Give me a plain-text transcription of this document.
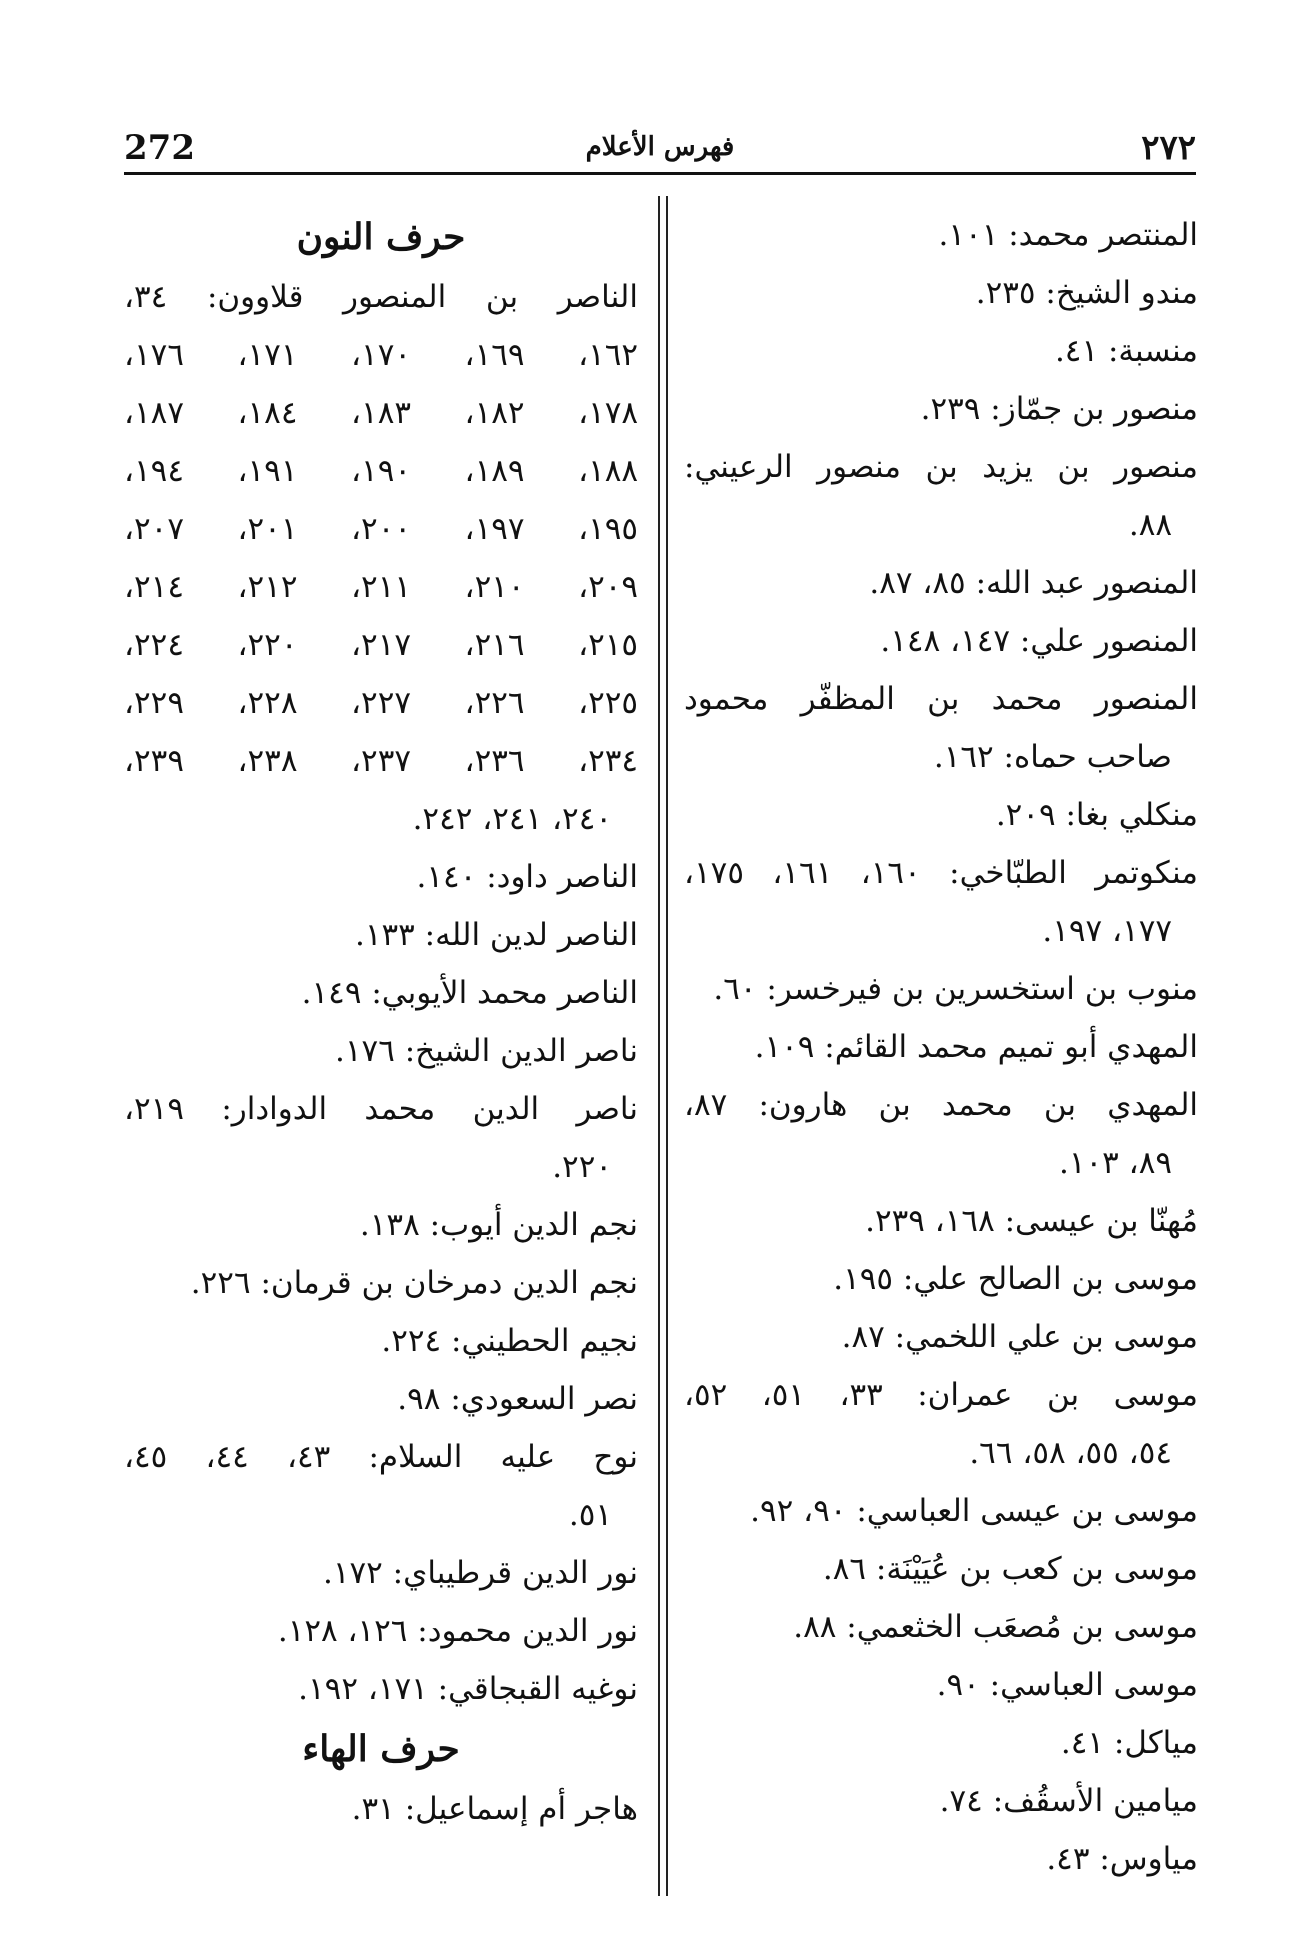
٢٧٢
فهرس الأعلام
272

المنتصر محمد: ١٠١.

مندو الشيخ: ٢٣٥.

منسبة: ٤١.

منصور بن جمّاز: ٢٣٩.

منصور بن يزيد بن منصور الرعيني:

٨٨.

المنصور عبد الله: ٨٥، ٨٧.

المنصور علي: ١٤٧، ١٤٨.

المنصور محمد بن المظفّر محمود

صاحب حماه: ١٦٢.

منكلي بغا: ٢٠٩.

منكوتمر الطبّاخي: ١٦٠، ١٦١، ١٧٥،

١٧٧، ١٩٧.

منوب بن استخسرين بن فيرخسر: ٦٠.

المهدي أبو تميم محمد القائم: ١٠٩.

المهدي بن محمد بن هارون: ٨٧،

٨٩، ١٠٣.

مُهنّا بن عيسى: ١٦٨، ٢٣٩.

موسى بن الصالح علي: ١٩٥.

موسى بن علي اللخمي: ٨٧.

موسى بن عمران: ٣٣، ٥١، ٥٢،

٥٤، ٥٥، ٥٨، ٦٦.

موسى بن عيسى العباسي: ٩٠، ٩٢.

موسى بن كعب بن عُيَيْنَة: ٨٦.

موسى بن مُصعَب الخثعمي: ٨٨.

موسى العباسي: ٩٠.

مياكل: ٤١.

ميامين الأسقُف: ٧٤.

مياوس: ٤٣.

حرف النون

الناصر بن المنصور قلاوون: ٣٤،

١٦٢، ١٦٩، ١٧٠، ١٧١، ١٧٦،

١٧٨، ١٨٢، ١٨٣، ١٨٤، ١٨٧،

١٨٨، ١٨٩، ١٩٠، ١٩١، ١٩٤،

١٩٥، ١٩٧، ٢٠٠، ٢٠١، ٢٠٧،

٢٠٩، ٢١٠، ٢١١، ٢١٢، ٢١٤،

٢١٥، ٢١٦، ٢١٧، ٢٢٠، ٢٢٤،

٢٢٥، ٢٢٦، ٢٢٧، ٢٢٨، ٢٢٩،

٢٣٤، ٢٣٦، ٢٣٧، ٢٣٨، ٢٣٩،

٢٤٠، ٢٤١، ٢٤٢.

الناصر داود: ١٤٠.

الناصر لدين الله: ١٣٣.

الناصر محمد الأيوبي: ١٤٩.

ناصر الدين الشيخ: ١٧٦.

ناصر الدين محمد الدوادار: ٢١٩،

٢٢٠.

نجم الدين أيوب: ١٣٨.

نجم الدين دمرخان بن قرمان: ٢٢٦.

نجيم الحطيني: ٢٢٤.

نصر السعودي: ٩٨.

نوح عليه السلام: ٤٣، ٤٤، ٤٥،

٥١.

نور الدين قرطيباي: ١٧٢.

نور الدين محمود: ١٢٦، ١٢٨.

نوغيه القبجاقي: ١٧١، ١٩٢.

حرف الهاء

هاجر أم إسماعيل: ٣١.
